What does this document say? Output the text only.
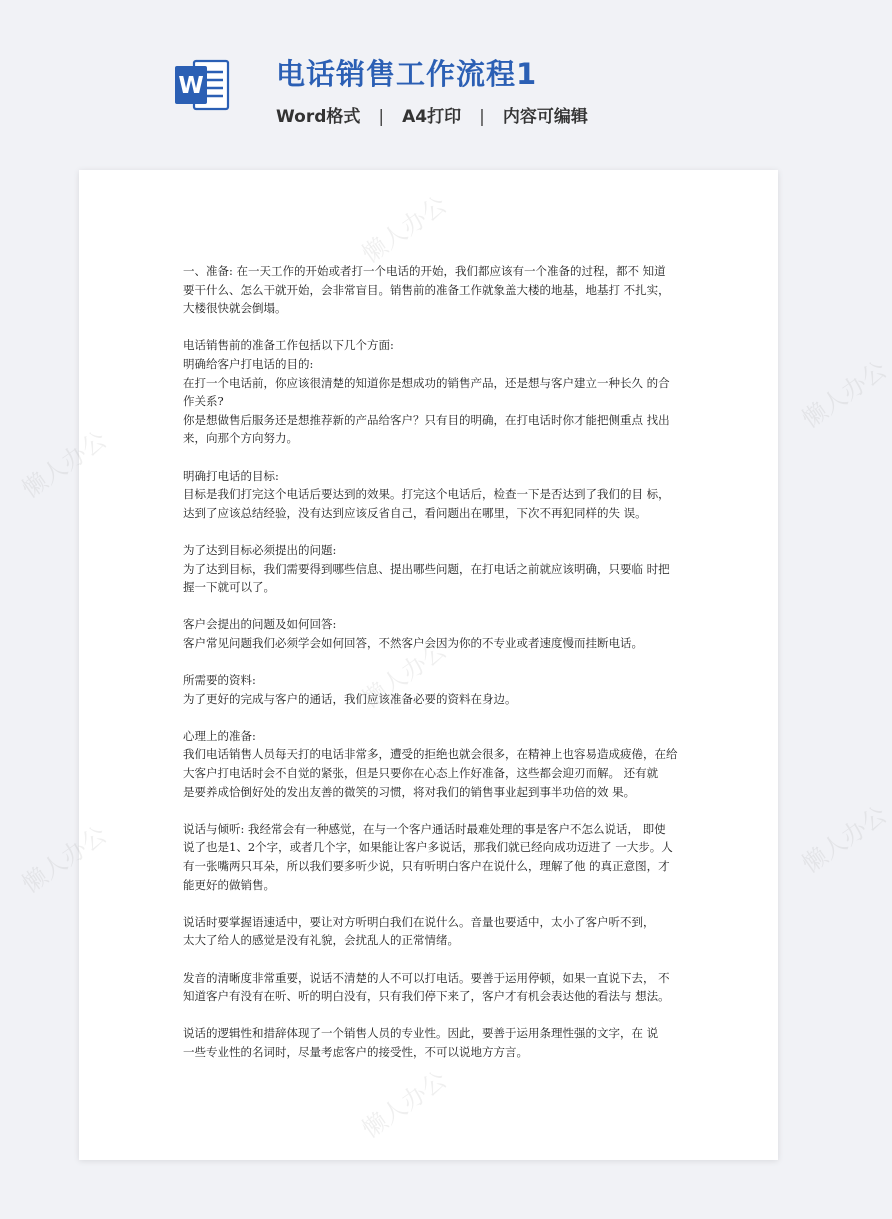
W 电话销售工作流程1
Word格式 | A4打印 | 内容可编辑
一、准备: 在一天工作的开始或者打一个电话的开始，我们都应该有一个准备的过程，都不 知道
要干什么、怎么干就开始，会非常盲目。销售前的准备工作就象盖大楼的地基，地基打 不扎实，
大楼很快就会倒塌。
电话销售前的准备工作包括以下几个方面:
明确给客户打电话的目的:
在打一个电话前，你应该很清楚的知道你是想成功的销售产品，还是想与客户建立一种长久 的合
作关系?
你是想做售后服务还是想推荐新的产品给客户？只有目的明确，在打电话时你才能把侧重点 找出
来，向那个方向努力。
明确打电话的目标:
目标是我们打完这个电话后要达到的效果。打完这个电话后，检查一下是否达到了我们的目 标，
达到了应该总结经验，没有达到应该反省自己，看问题出在哪里，下次不再犯同样的失 误。
为了达到目标必须提出的问题:
为了达到目标，我们需要得到哪些信息、提出哪些问题，在打电话之前就应该明确，只要临 时把
握一下就可以了。
客户会提出的问题及如何回答:
客户常见问题我们必须学会如何回答，不然客户会因为你的不专业或者速度慢而挂断电话。
所需要的资料:
为了更好的完成与客户的通话，我们应该准备必要的资料在身边。
心理上的准备:
我们电话销售人员每天打的电话非常多，遭受的拒绝也就会很多，在精神上也容易造成疲倦，在给
大客户打电话时会不自觉的紧张，但是只要你在心态上作好准备，这些都会迎刃而解。 还有就
是要养成恰倒好处的发出友善的微笑的习惯，将对我们的销售事业起到事半功倍的效 果。
说话与倾听: 我经常会有一种感觉，在与一个客户通话时最难处理的事是客户不怎么说话， 即使
说了也是1、2个字，或者几个字，如果能让客户多说话，那我们就已经向成功迈进了 一大步。人
有一张嘴两只耳朵，所以我们要多听少说，只有听明白客户在说什么，理解了他 的真正意图，才
能更好的做销售。
说话时要掌握语速适中，要让对方听明白我们在说什么。音量也要适中，太小了客户听不到，
太大了给人的感觉是没有礼貌，会扰乱人的正常情绪。
发音的清晰度非常重要，说话不清楚的人不可以打电话。要善于运用停顿，如果一直说下去， 不
知道客户有没有在听、听的明白没有，只有我们停下来了，客户才有机会表达他的看法与 想法。
说话的逻辑性和措辞体现了一个销售人员的专业性。因此，要善于运用条理性强的文字，在 说
一些专业性的名词时，尽量考虑客户的接受性，不可以说地方方言。
懒人办公
懒人办公
懒人办公
懒人办公
